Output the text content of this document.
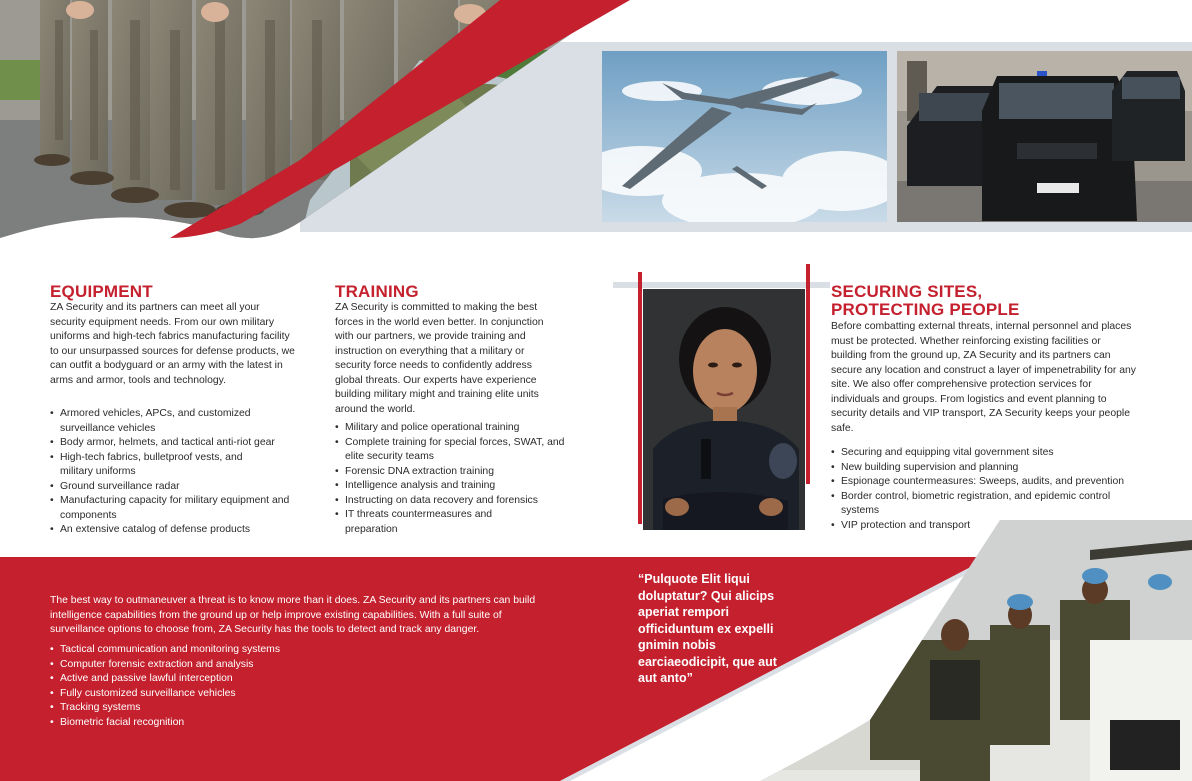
EQUIPMENT

ZA Security and its partners can meet all your security equipment needs. From our own military uniforms and high-tech fabrics manufacturing facility to our unsurpassed sources for defense products, we can outfit a bodyguard or an army with the latest in arms and armor, tools and technology.

• Armored vehicles, APCs, and customized surveillance vehicles
• Body armor, helmets, and tactical anti-riot gear
• High-tech fabrics, bulletproof vests, and military uniforms
• Ground surveillance radar
• Manufacturing capacity for military equipment and components
• An extensive catalog of defense products
TRAINING

ZA Security is committed to making the best forces in the world even better. In conjunction with our partners, we provide training and instruction on everything that a military or security force needs to confidently address global threats. Our experts have experience building military might and training elite units around the world.

• Military and police operational training
• Complete training for special forces, SWAT, and elite security teams
• Forensic DNA extraction training
• Intelligence analysis and training
• Instructing on data recovery and forensics
• IT threats countermeasures and preparation
SECURING SITES,
PROTECTING PEOPLE

Before combatting external threats, internal personnel and places must be protected. Whether reinforcing existing facilities or building from the ground up, ZA Security and its partners can secure any location and construct a layer of impenetrability for any site. We also offer comprehensive protection services for individuals and groups. From logistics and event planning to security details and VIP transport, ZA Security keeps your people safe.

• Securing and equipping vital government sites
• New building supervision and planning
• Espionage countermeasures: Sweeps, audits, and prevention
• Border control, biometric registration, and epidemic control systems
• VIP protection and transport
SURVEILLANCE SYSTEMS AND SERVICES

The best way to outmaneuver a threat is to know more than it does. ZA Security and its partners can build intelligence capabilities from the ground up or help improve existing capabilities. With a full suite of surveillance options to choose from, ZA Security has the tools to detect and track any danger.

• Tactical communication and monitoring systems
• Computer forensic extraction and analysis
• Active and passive lawful interception
• Fully customized surveillance vehicles
• Tracking systems
• Biometric facial recognition

“Pulquote Elit liqui doluptatur? Qui alicips aperiat rempori officiduntum ex expelli gnimin nobis earciaeodicipit, que aut aut anto”
